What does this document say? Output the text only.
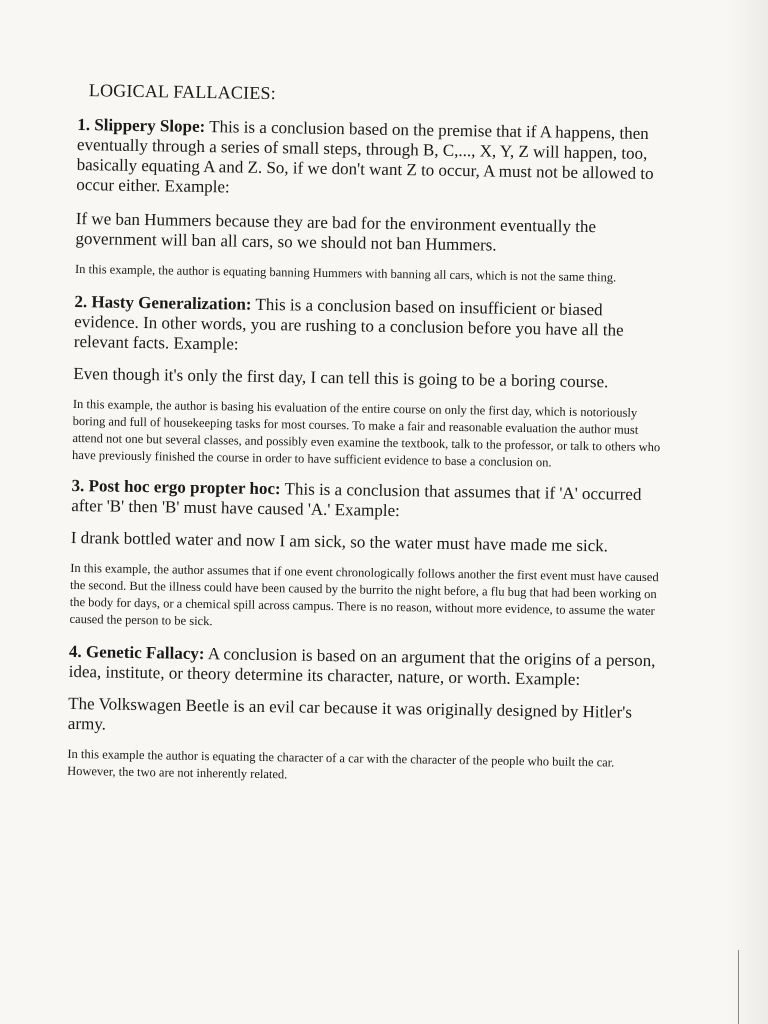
LOGICAL FALLACIES:

1. Slippery Slope: This is a conclusion based on the premise that if A happens, then eventually through a series of small steps, through B, C,..., X, Y, Z will happen, too, basically equating A and Z. So, if we don't want Z to occur, A must not be allowed to occur either. Example:

If we ban Hummers because they are bad for the environment eventually the government will ban all cars, so we should not ban Hummers.

In this example, the author is equating banning Hummers with banning all cars, which is not the same thing.

2. Hasty Generalization: This is a conclusion based on insufficient or biased evidence. In other words, you are rushing to a conclusion before you have all the relevant facts. Example:

Even though it's only the first day, I can tell this is going to be a boring course.

In this example, the author is basing his evaluation of the entire course on only the first day, which is notoriously boring and full of housekeeping tasks for most courses. To make a fair and reasonable evaluation the author must attend not one but several classes, and possibly even examine the textbook, talk to the professor, or talk to others who have previously finished the course in order to have sufficient evidence to base a conclusion on.

3. Post hoc ergo propter hoc: This is a conclusion that assumes that if 'A' occurred after 'B' then 'B' must have caused 'A.' Example:

I drank bottled water and now I am sick, so the water must have made me sick.

In this example, the author assumes that if one event chronologically follows another the first event must have caused the second. But the illness could have been caused by the burrito the night before, a flu bug that had been working on the body for days, or a chemical spill across campus. There is no reason, without more evidence, to assume the water caused the person to be sick.

4. Genetic Fallacy: A conclusion is based on an argument that the origins of a person, idea, institute, or theory determine its character, nature, or worth. Example:

The Volkswagen Beetle is an evil car because it was originally designed by Hitler's army.

In this example the author is equating the character of a car with the character of the people who built the car. However, the two are not inherently related.
